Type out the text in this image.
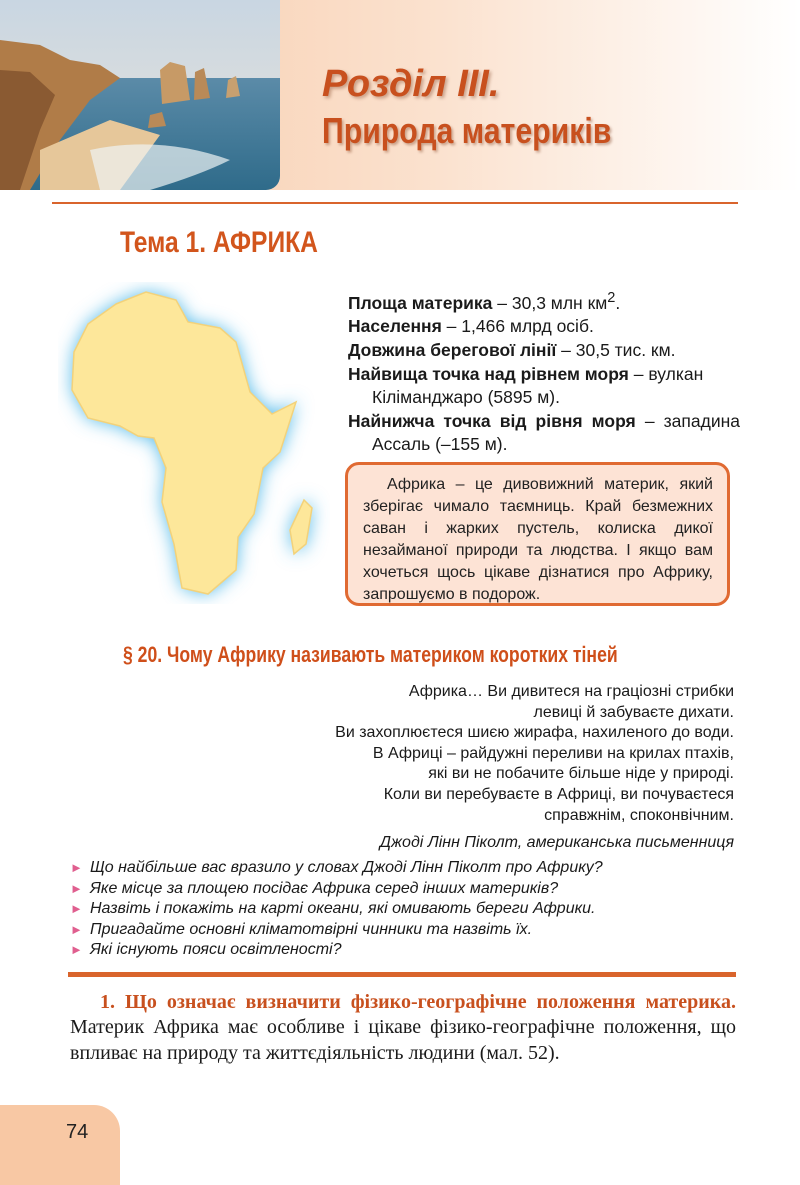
Розділ ІІІ.
Природа материків
Тема 1. АФРИКА

Площа материка – 30,3 млн $км^2$.

Населення – 1,466 млрд осіб.

Довжина берегової лінії – 30,5 тис. км.

Найвища точка над рівнем моря – вулкан

Кіліманджаро (5895 м).

Найнижча точка від рівня моря – западина Ассаль (–155 м).

Африка – це дивовижний материк, який зберігає чимало таємниць. Край безмежних саван і жарких пустель, колиска дикої незайманої природи та людства. І якщо вам хочеться щось цікаве дізнатися про Африку, запрошуємо в подорож.
§ 20. Чому Африку називають материком коротких тіней

Африка… Ви дивитеся на граціозні стрибки

левиці й забуваєте дихати.

Ви захоплюєтеся шиєю жирафа, нахиленого до води.

В Африці – райдужні переливи на крилах птахів,

які ви не побачите більше ніде у природі.

Коли ви перебуваєте в Африці, ви почуваєтеся

справжнім, споконвічним.

Джоді Лінн Піколт, американська письменниця

► Що найбільше вас вразило у словах Джоді Лінн Піколт про Африку?
► Яке місце за площею посідає Африка серед інших материків?
► Назвіть і покажіть на карті океани, які омивають береги Африки.
► Пригадайте основні кліматотвірні чинники та назвіть їх.
► Які існують пояси освітленості?
1. Що означає визначити фізико-географічне положення материка. Материк Африка має особливе і цікаве фізико-географічне положення, що впливає на природу та життєдіяльність людини (мал. 52).
74
